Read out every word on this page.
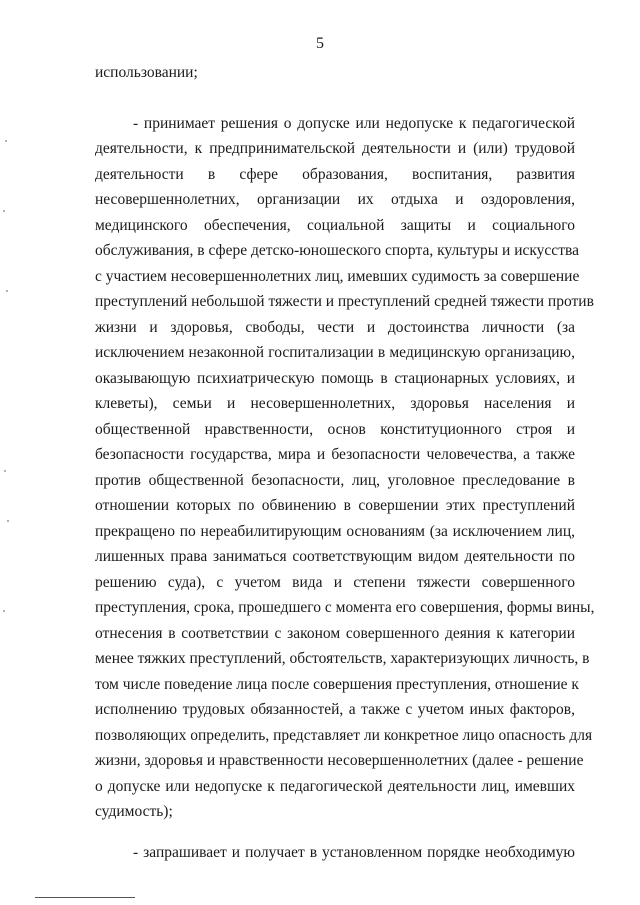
5
использовании;
- принимает решения о допуске или недопуске к педагогической
деятельности, к предпринимательской деятельности и (или) трудовой
деятельности в сфере образования, воспитания, развития
несовершеннолетних, организации их отдыха и оздоровления,
медицинского обеспечения, социальной защиты и социального
обслуживания, в сфере детско-юношеского спорта, культуры и искусства
с участием несовершеннолетних лиц, имевших судимость за совершение
преступлений небольшой тяжести и преступлений средней тяжести против
жизни и здоровья, свободы, чести и достоинства личности (за
исключением незаконной госпитализации в медицинскую организацию,
оказывающую психиатрическую помощь в стационарных условиях, и
клеветы), семьи и несовершеннолетних, здоровья населения и
общественной нравственности, основ конституционного строя и
безопасности государства, мира и безопасности человечества, а также
против общественной безопасности, лиц, уголовное преследование в
отношении которых по обвинению в совершении этих преступлений
прекращено по нереабилитирующим основаниям (за исключением лиц,
лишенных права заниматься соответствующим видом деятельности по
решению суда), с учетом вида и степени тяжести совершенного
преступления, срока, прошедшего с момента его совершения, формы вины,
отнесения в соответствии с законом совершенного деяния к категории
менее тяжких преступлений, обстоятельств, характеризующих личность, в
том числе поведение лица после совершения преступления, отношение к
исполнению трудовых обязанностей, а также с учетом иных факторов,
позволяющих определить, представляет ли конкретное лицо опасность для
жизни, здоровья и нравственности несовершеннолетних (далее - решение
о допуске или недопуске к педагогической деятельности лиц, имевших
судимость);
- запрашивает и получает в установленном порядке необходимую
